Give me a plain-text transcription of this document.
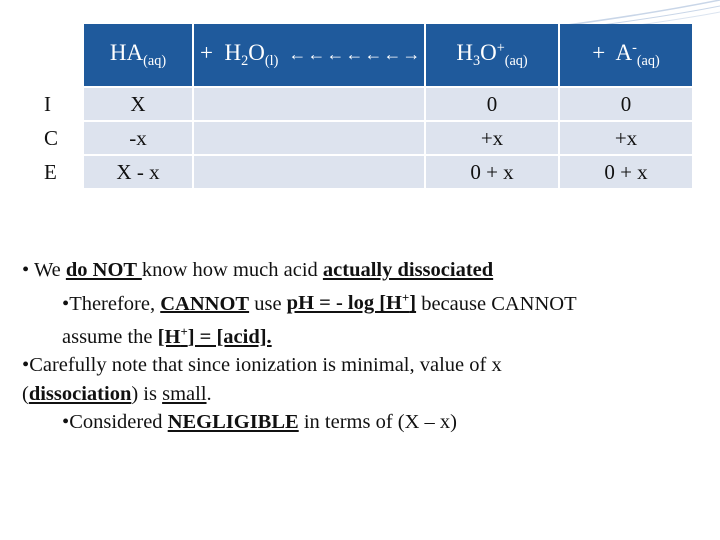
	$HA_{(aq)}$	+ $H_2O_{(l)}$ ←←←←←←→	$H_3O^+_{(aq)}$	+ $A^-_{(aq)}$
I	X		0	0
C	-x		+x	+x
E	X - x		0 + x	0 + x

• We do NOT know how much acid actually dissociated

•Therefore, CANNOT use pH = - log [H+] because CANNOT

assume the [H+] = [acid].

•Carefully note that since ionization is minimal, value of x

(dissociation) is small.

•Considered NEGLIGIBLE in terms of (X – x)
